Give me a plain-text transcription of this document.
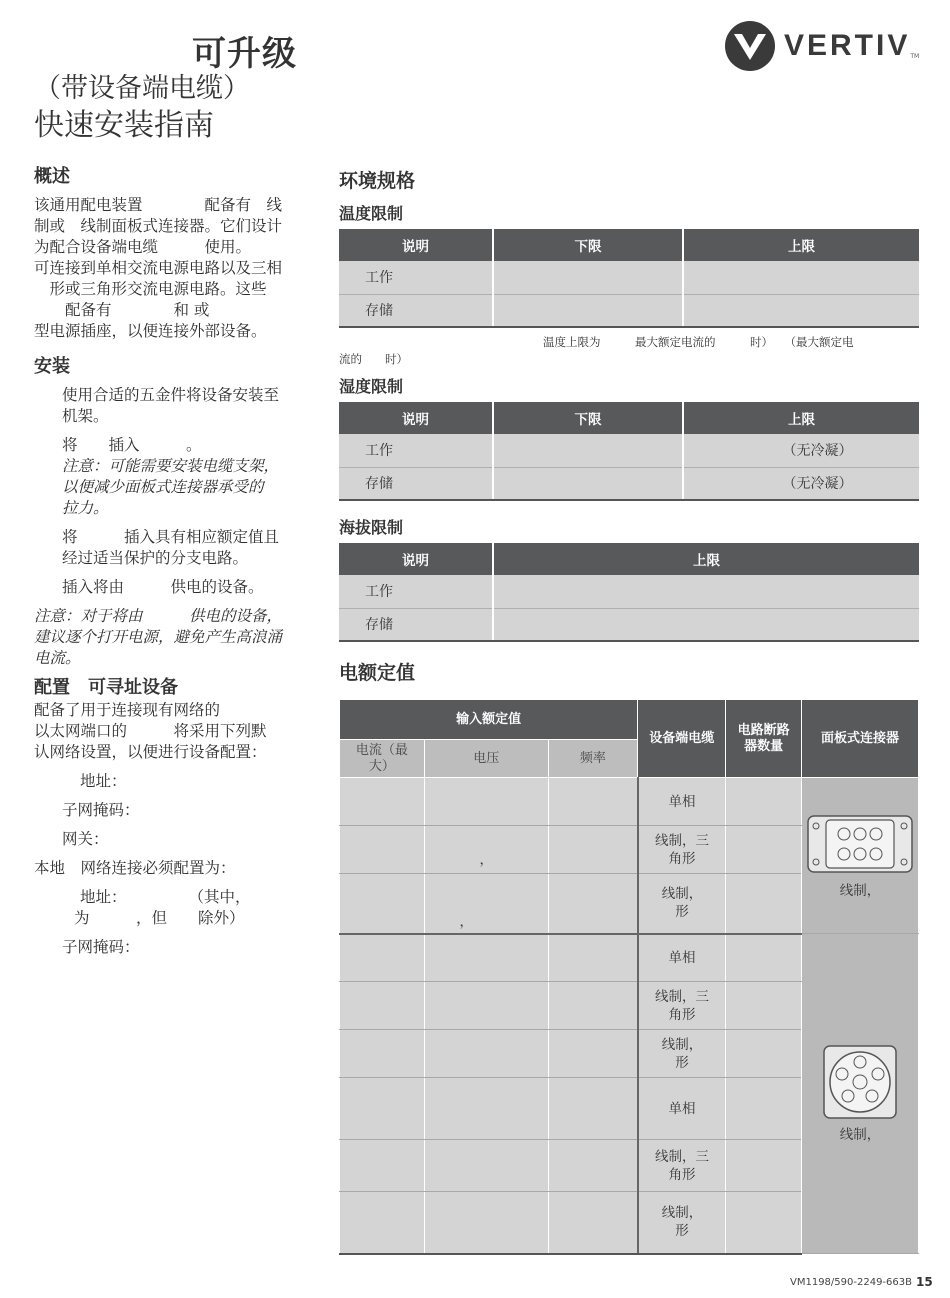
可升级
（带设备端电缆）
快速安装指南
VERTIV TM
概述
该通用配电装置　　　　配备有　线
制或　线制面板式连接器。它们设计
为配合设备端电缆　　　使用。
可连接到单相交流电源电路以及三相
　形或三角形交流电源电路。这些
　　配备有　　　　和 或
型电源插座，以便连接外部设备。
安装
使用合适的五金件将设备安装至
机架。
将　　插入　　　。
注意：可能需要安装电缆支架，
以便减少面板式连接器承受的
拉力。
将　　　插入具有相应额定值且
经过适当保护的分支电路。
插入将由　　　供电的设备。
注意：对于将由　　　供电的设备，
建议逐个打开电源，避免产生高浪涌
电流。
配置　可寻址设备
配备了用于连接现有网络的
以太网端口的　　　将采用下列默
认网络设置，以便进行设备配置：
地址：
子网掩码：
网关：
本地　网络连接必须配置为：
地址：　　　　　（其中，
为　　　，但　　除外）
子网掩码：
环境规格
温度限制
说明	下限	上限
工作		
存储		
温度上限为　　　最大额定电流的　　　时）　　（最大额定电
流的　　时）
湿度限制
说明	下限	上限
工作		（无冷凝）
存储		（无冷凝）
海拔限制
说明	上限
工作	
存储	
电额定值
输入额定值			设备端电缆	电路断路器数量	面板式连接器
电流（最大）	电压	频率			
			单相		线制，
	，		线制，三角形		
	，		线制，形		
			单相		线制，
			线制，三角形		
			线制，形		
			单相		
			线制，三角形		
			线制，形		
VM1198/590-2249-663B 15
